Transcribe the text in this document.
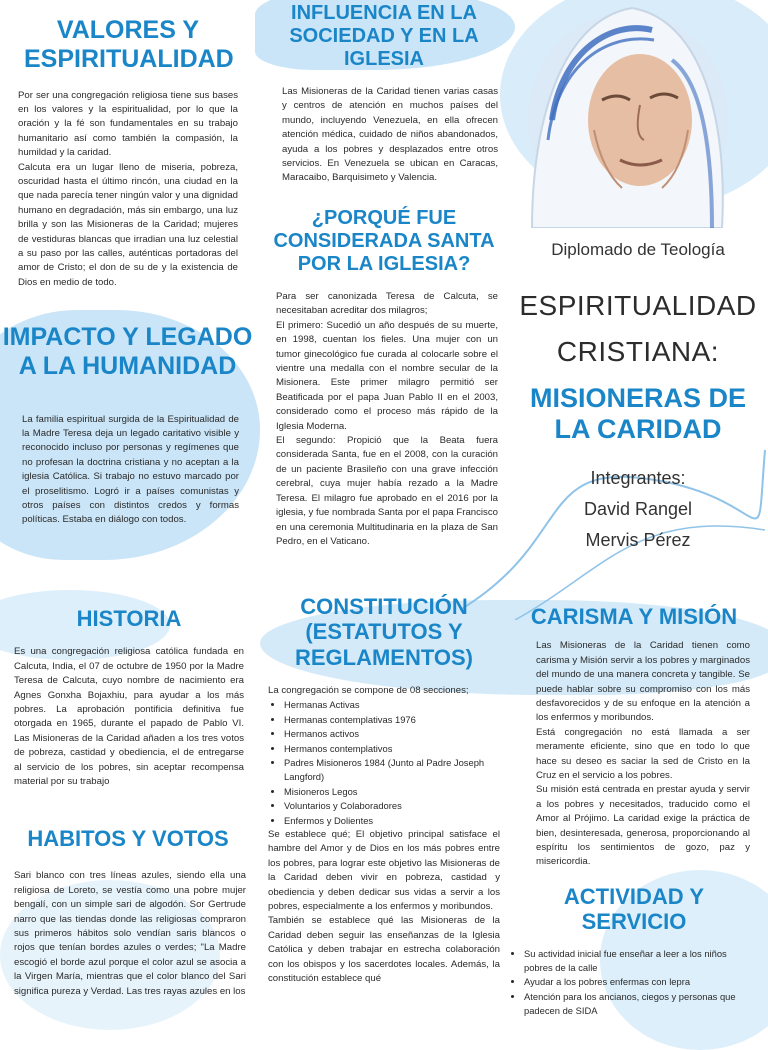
VALORES Y ESPIRITUALIDAD

Por ser una congregación religiosa tiene sus bases en los valores y la espiritualidad, por lo que la oración y la fé son fundamentales en su trabajo humanitario así como también la compasión, la humildad y la caridad.
Calcuta era un lugar lleno de miseria, pobreza, oscuridad hasta el último rincón, una ciudad en la que nada parecía tener ningún valor y una dignidad humano en degradación, más sin embargo, una luz brilla y son las Misioneras de la Caridad; mujeres de vestiduras blancas que irradian una luz celestial a su paso por las calles, auténticas portadoras del amor de Cristo; el don de su de y la existencia de Dios en medio de todo.

IMPACTO Y LEGADO A LA HUMANIDAD

La familia espiritual surgida de la Espiritualidad de la Madre Teresa deja un legado caritativo visible y reconocido incluso por personas y regímenes que no profesan la doctrina cristiana y no aceptan a la iglesia Católica. Si trabajo no estuvo marcado por el proselitismo. Logró ir a países comunistas y otros países con distintos credos y formas políticas. Estaba en diálogo con todos.

INFLUENCIA EN LA SOCIEDAD Y EN LA IGLESIA

Las Misioneras de la Caridad tienen varias casas y centros de atención en muchos países del mundo, incluyendo Venezuela, en ella ofrecen atención médica, cuidado de niños abandonados, ayuda a los pobres y desplazados entre otros servicios. En Venezuela se ubican en Caracas, Maracaibo, Barquisimeto y Valencia.

¿PORQUÉ FUE CONSIDERADA SANTA POR LA IGLESIA?

Para ser canonizada Teresa de Calcuta, se necesitaban acreditar dos milagros;
El primero: Sucedió un año después de su muerte, en 1998, cuentan los fieles. Una mujer con un tumor ginecológico fue curada al colocarle sobre el vientre una medalla con el nombre secular de la Misionera. Este primer milagro permitió ser Beatificada por el papa Juan Pablo II en el 2003, considerado como el proceso más rápido de la Iglesia Moderna.
El segundo: Propició que la Beata fuera considerada Santa, fue en el 2008, con la curación de un paciente Brasileño con una grave infección cerebral, cuya mujer había rezado a la Madre Teresa. El milagro fue aprobado en el 2016 por la iglesia, y fue nombrada Santa por el papa Francisco en una ceremonia Multitudinaria en la plaza de San Pedro, en el Vaticano.

Diplomado de Teología
ESPIRITUALIDAD
CRISTIANA:
MISIONERAS DE LA CARIDAD
Integrantes:
David Rangel
Mervis Pérez
HISTORIA

Es una congregación religiosa católica fundada en Calcuta, India, el 07 de octubre de 1950 por la Madre Teresa de Calcuta, cuyo nombre de nacimiento era Agnes Gonxha Bojaxhiu, para ayudar a los más pobres. La aprobación pontificia definitiva fue otorgada en 1965, durante el papado de Pablo VI. Las Misioneras de la Caridad añaden a los tres votos de pobreza, castidad y obediencia, el de entregarse al servicio de los pobres, sin aceptar recompensa material por su trabajo

HABITOS Y VOTOS

Sari blanco con tres líneas azules, siendo ella una religiosa de Loreto, se vestía como una pobre mujer bengalí, con un simple sari de algodón. Sor Gertrude narro que las tiendas donde las religiosas compraron sus primeros hábitos solo vendían saris blancos o rojos que tenían bordes azules o verdes; "La Madre escogió el borde azul porque el color azul se asocia a la Virgen María, mientras que el color blanco del Sari significa pureza y Verdad. Las tres rayas azules en los

CONSTITUCIÓN (ESTATUTOS Y REGLAMENTOS)

La congregación se compone de 08 secciones;

• Hermanas Activas
• Hermanas contemplativas 1976
• Hermanos activos
• Hermanos contemplativos
• Padres Misioneros 1984 (Junto al Padre Joseph Langford)
• Misioneros Legos
• Voluntarios y Colaboradores
• Enfermos y Dolientes

Se establece qué; El objetivo principal satisface el hambre del Amor y de Dios en los más pobres entre los pobres, para lograr este objetivo las Misioneras de la Caridad deben vivir en pobreza, castidad y obediencia y deben dedicar sus vidas a servir a los pobres, especialmente a los enfermos y moribundos.
También se establece qué las Misioneras de la Caridad deben seguir las enseñanzas de la Iglesia Católica y deben trabajar en estrecha colaboración con los obispos y los sacerdotes locales. Además, la constitución establece qué

CARISMA Y MISIÓN

Las Misioneras de la Caridad tienen como carisma y Misión servir a los pobres y marginados del mundo de una manera concreta y tangible. Se puede hablar sobre su compromiso con los más desfavorecidos y de su enfoque en la atención a los enfermos y moribundos.
Está congregación no está llamada a ser meramente eficiente, sino que en todo lo que hace su deseo es saciar la sed de Cristo en la Cruz en el servicio a los pobres.
Su misión está centrada en prestar ayuda y servir a los pobres y necesitados, traducido como el Amor al Prójimo. La caridad exige la práctica de bien, desinteresada, generosa, proporcionando al espíritu los sentimientos de gozo, paz y misericordia.

ACTIVIDAD Y SERVICIO
• Su actividad inicial fue enseñar a leer a los niños pobres de la calle
• Ayudar a los pobres enfermas con lepra
• Atención para los ancianos, ciegos y personas que padecen de SIDA
